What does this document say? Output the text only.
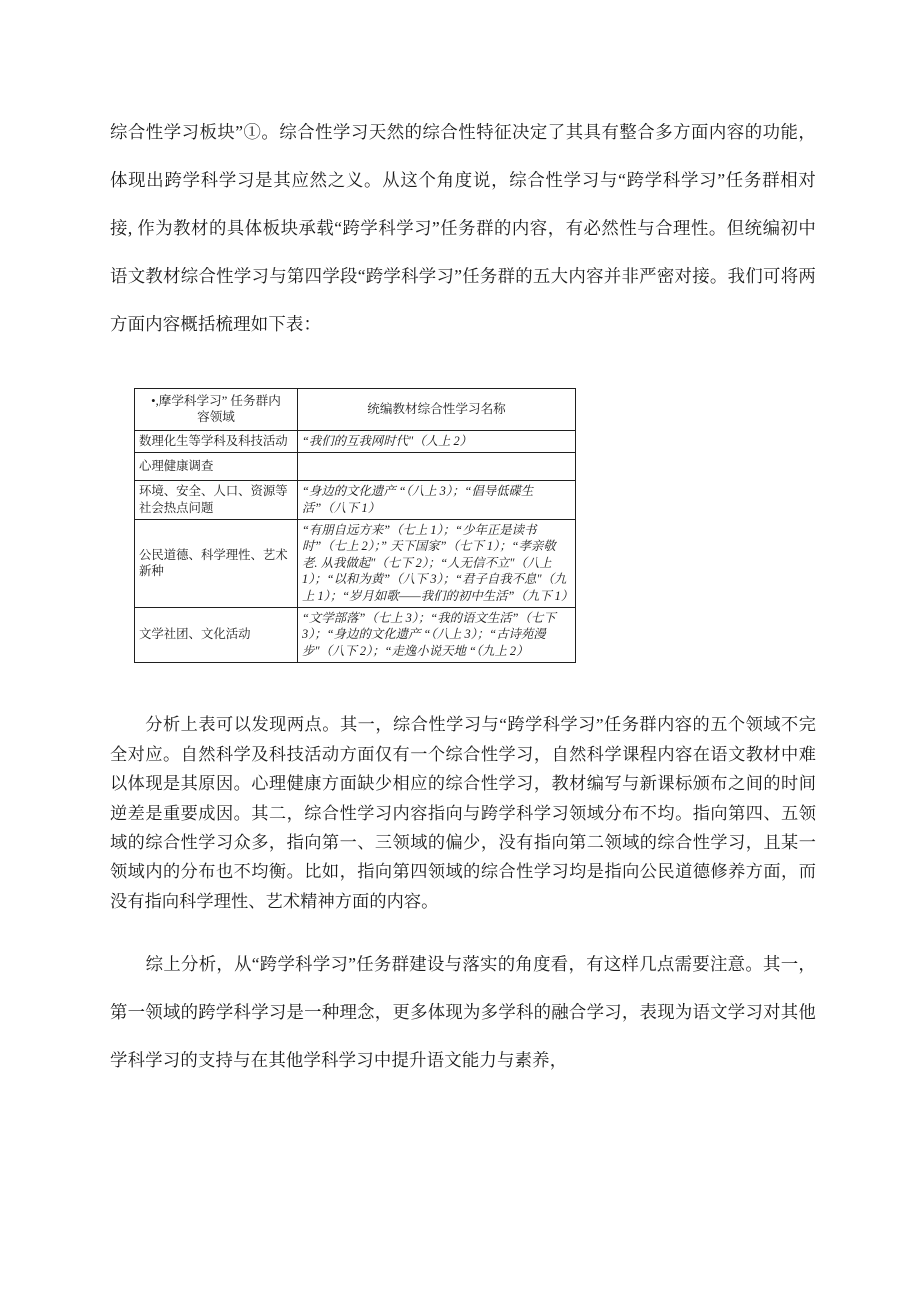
综合性学习板块”①。综合性学习天然的综合性特征决定了其具有整合多方面内容的功能，体现出跨学科学习是其应然之义。从这个角度说，综合性学习与“跨学科学习”任务群相对接, 作为教材的具体板块承载“跨学科学习”任务群的内容，有必然性与合理性。但统编初中语文教材综合性学习与第四学段“跨学科学习”任务群的五大内容并非严密对接。我们可将两方面内容概括梳理如下表：

•,摩学科学习” 任务群内
容领域	统编教材综合性学习名称
数理化生等学科及科技活动	“我们的互我网时代"（人上 2）
心理健康调查	
环境、安全、人口、资源等社会热点问题	“身边的文化遗产 “（八上 3）；“倡导低碟生活”（八下 1）
公民道德、科学理性、艺术新种	“有朋自远方来”（七上 1）；“少年正是读书时”（七上 2）；” 天下国家”（七下 1）；“孝亲敬老. 从我做起"（七下 2）；“人无信不立"（八上 1）；“以和为黄”（八下 3）；“君子自我不息"（九上 1）；“岁月如歌——我们的初中生活”（九下 1）
文学社团、文化活动	“文学部落”（七上 3）；“我的语文生活”（七下 3）；“身边的文化遗产 “（八上 3）；“古诗苑漫步"（八下 2）；“走逸小说天地 “（九上 2）

分析上表可以发现两点。其一，综合性学习与“跨学科学习”任务群内容的五个领域不完全对应。自然科学及科技活动方面仅有一个综合性学习，自然科学课程内容在语文教材中难以体现是其原因。心理健康方面缺少相应的综合性学习，教材编写与新课标颁布之间的时间逆差是重要成因。其二，综合性学习内容指向与跨学科学习领域分布不均。指向第四、五领域的综合性学习众多，指向第一、三领域的偏少，没有指向第二领域的综合性学习，且某一领域内的分布也不均衡。比如，指向第四领域的综合性学习均是指向公民道德修养方面，而没有指向科学理性、艺术精神方面的内容。

综上分析，从“跨学科学习”任务群建设与落实的角度看，有这样几点需要注意。其一，第一领域的跨学科学习是一种理念，更多体现为多学科的融合学习，表现为语文学习对其他学科学习的支持与在其他学科学习中提升语文能力与素养，
